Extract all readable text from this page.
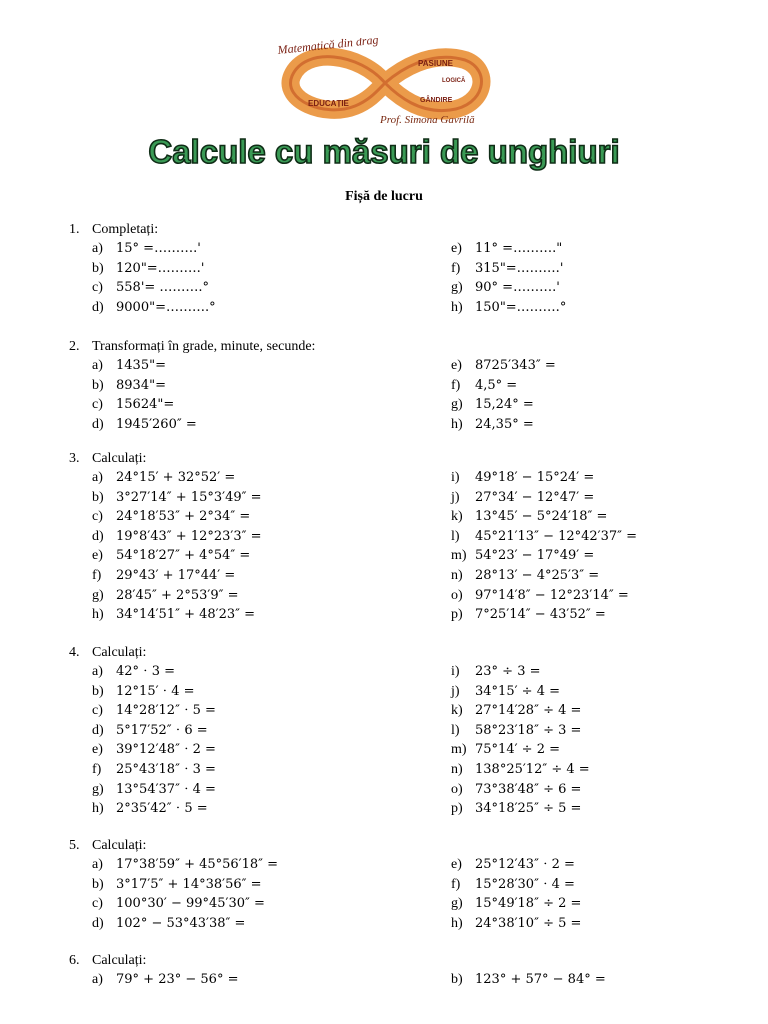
Matematică din drag
PASIUNE
EDUCAȚIE	GÂNDIRE
LOGICĂ
Prof. Simona Gavrilă
Calcule cu măsuri de unghiuri
Fișă de lucru
1. Completați:
a) 15° =……….'
b) 120"=……….'
c) 558'= ……….°
d) 9000"=……….°
e) 11° =………."
f) 315"=……….'
g) 90° =……….'
h) 150"=……….°
2. Transformați în grade, minute, secunde:
a) 1435"=
b) 8934"=
c) 15624"=
d) 1945′260″ =
e) 8725′343″ =
f) 4,5° =
g) 15,24° =
h) 24,35° =
3. Calculați:
a) 24°15′ + 32°52′ =
b) 3°27′14″ + 15°3′49″ =
c) 24°18′53″ + 2°34″ =
d) 19°8′43″ + 12°23′3″ =
e) 54°18′27″ + 4°54″ =
f) 29°43′ + 17°44′ =
g) 28′45″ + 2°53′9″ =
h) 34°14′51″ + 48′23″ =
i) 49°18′ − 15°24′ =
j) 27°34′ − 12°47′ =
k) 13°45′ − 5°24′18″ =
l) 45°21′13″ − 12°42′37″ =
m) 54°23′ − 17°49′ =
n) 28°13′ − 4°25′3″ =
o) 97°14′8″ − 12°23′14″ =
p) 7°25′14″ − 43′52″ =
4. Calculați:
a) 42° ⋅ 3 =
b) 12°15′ ⋅ 4 =
c) 14°28′12″ ⋅ 5 =
d) 5°17′52″ ⋅ 6 =
e) 39°12′48″ ⋅ 2 =
f) 25°43′18″ ⋅ 3 =
g) 13°54′37″ ⋅ 4 =
h) 2°35′42″ ⋅ 5 =
i) 23° ÷ 3 =
j) 34°15′ ÷ 4 =
k) 27°14′28″ ÷ 4 =
l) 58°23′18″ ÷ 3 =
m) 75°14′ ÷ 2 =
n) 138°25′12″ ÷ 4 =
o) 73°38′48″ ÷ 6 =
p) 34°18′25″ ÷ 5 =
5. Calculați:
a) 17°38′59″ + 45°56′18″ =
b) 3°17′5″ + 14°38′56″ =
c) 100°30′ − 99°45′30″ =
d) 102° − 53°43′38″ =
e) 25°12′43″ ⋅ 2 =
f) 15°28′30″ ⋅ 4 =
g) 15°49′18″ ÷ 2 =
h) 24°38′10″ ÷ 5 =
6. Calculați:
a) 79° + 23° − 56° =	b) 123° + 57° − 84° =
